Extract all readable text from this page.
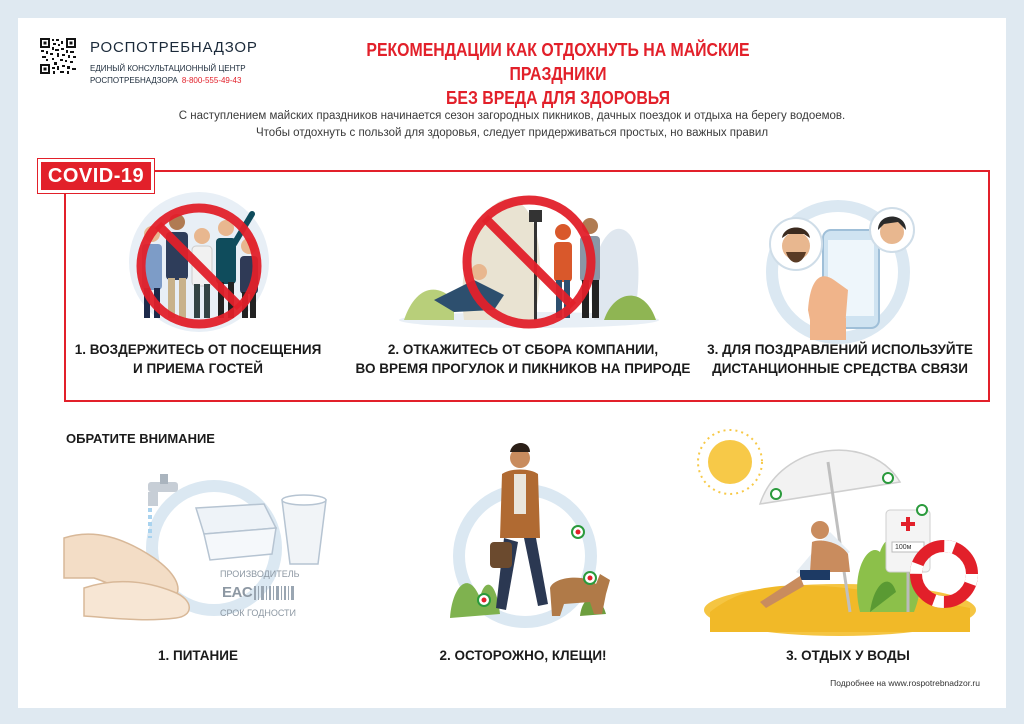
РОСПОТРЕБНАДЗОР
ЕДИНЫЙ КОНСУЛЬТАЦИОННЫЙ ЦЕНТР
РОСПОТРЕБНАДЗОРА 8-800-555-49-43
РЕКОМЕНДАЦИИ КАК ОТДОХНУТЬ НА МАЙСКИЕ ПРАЗДНИКИ
БЕЗ ВРЕДА ДЛЯ ЗДОРОВЬЯ
С наступлением майских праздников начинается сезон загородных пикников, дачных поездок и отдыха на берегу водоемов.
Чтобы отдохнуть с пользой для здоровья, следует придерживаться простых, но важных правил
COVID-19
1. ВОЗДЕРЖИТЕСЬ ОТ ПОСЕЩЕНИЯ
И ПРИЕМА ГОСТЕЙ
2. ОТКАЖИТЕСЬ ОТ СБОРА КОМПАНИИ,
ВО ВРЕМЯ ПРОГУЛОК И ПИКНИКОВ НА ПРИРОДЕ
3. ДЛЯ ПОЗДРАВЛЕНИЙ ИСПОЛЬЗУЙТЕ
ДИСТАНЦИОННЫЕ СРЕДСТВА СВЯЗИ
ОБРАТИТЕ ВНИМАНИЕ
ПРОИЗВОДИТЕЛЬ
EAC
СРОК ГОДНОСТИ
100м
1. ПИТАНИЕ	2. ОСТОРОЖНО, КЛЕЩИ!	3. ОТДЫХ У ВОДЫ
Подробнее на www.rospotrebnadzor.ru
